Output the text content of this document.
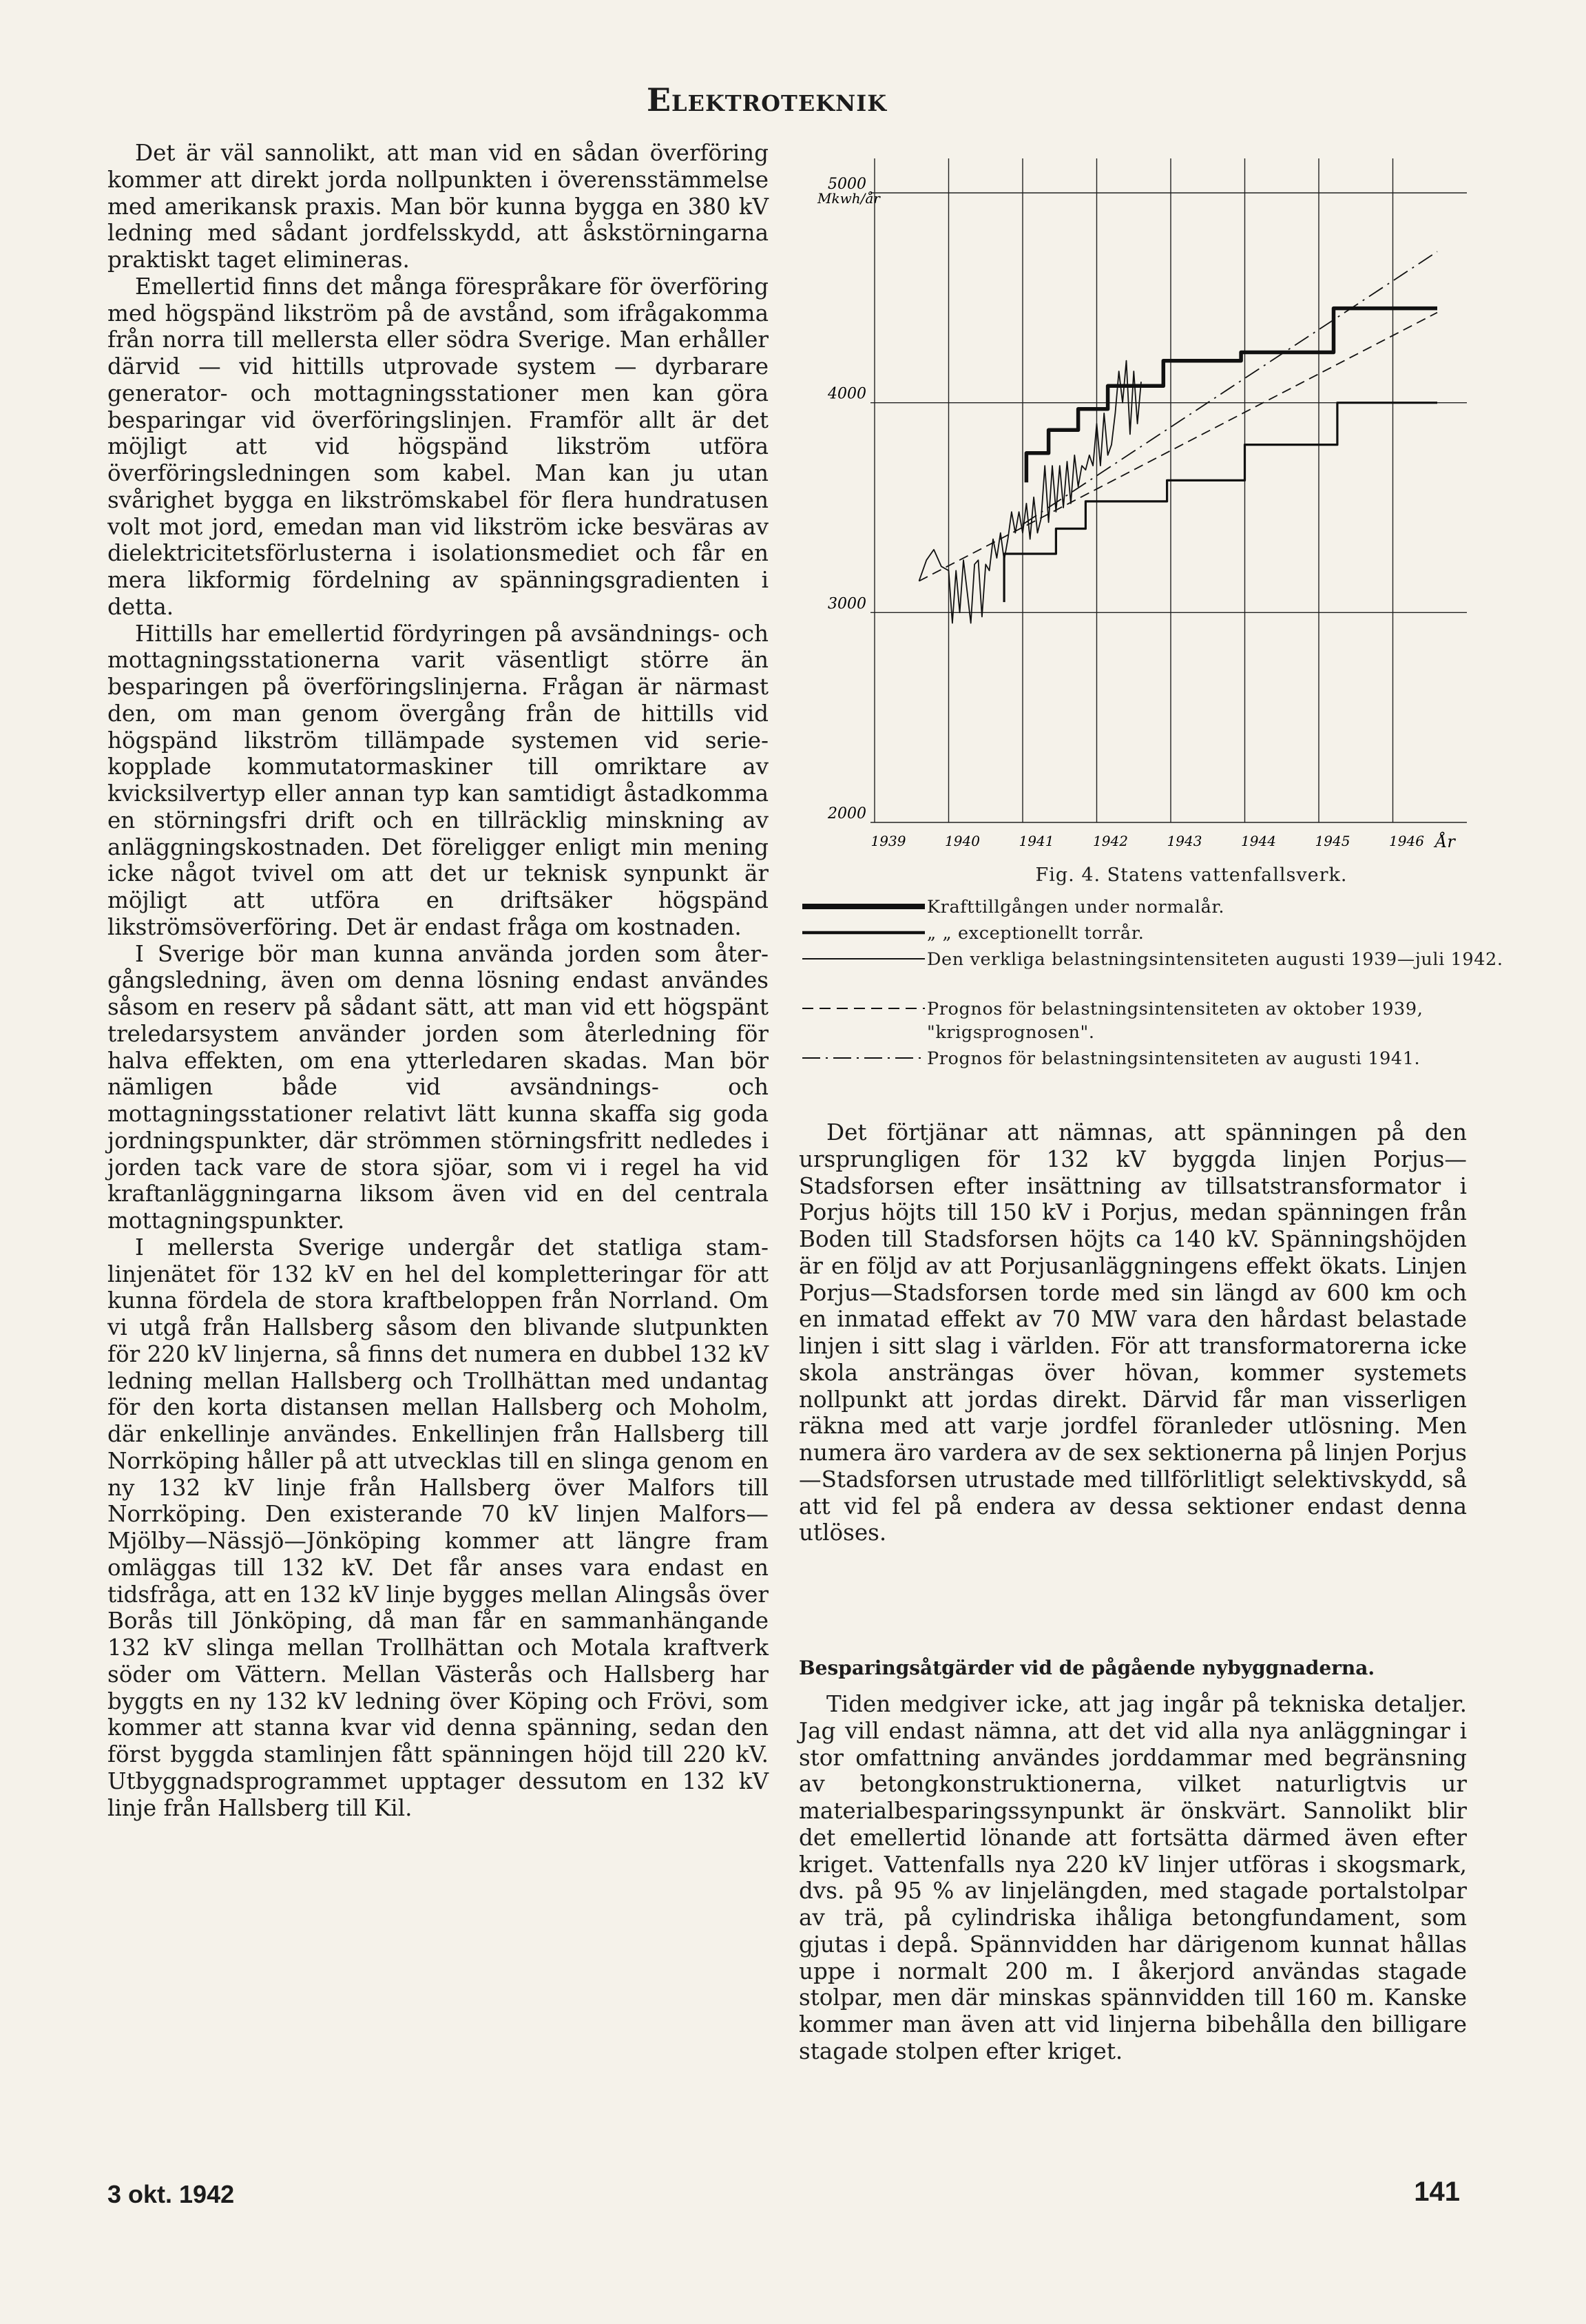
Elektroteknik

Det är väl sannolikt, att man vid en sådan överföring kommer att direkt jorda nollpunkten i överensstämmelse med amerikansk praxis. Man bör kunna bygga en 380 kV ledning med sådant jordfelsskydd, att åskstörningarna praktiskt taget elimineras.

Emellertid finns det många förespråkare för överföring med högspänd likström på de avstånd, som ifrågakomma från norra till mellersta eller södra Sverige. Man erhåller därvid — vid hittills utprovade system — dyrbarare generator- och mottagningsstationer men kan göra besparingar vid överföringslinjen. Framför allt är det möjligt att vid högspänd likström utföra överföringsledningen som kabel. Man kan ju utan svårighet bygga en likströmskabel för flera hundratusen volt mot jord, emedan man vid likström icke besväras av dielektricitetsförlusterna i isolationsmediet och får en mera likformig fördelning av spänningsgradienten i detta.

Hittills har emellertid fördyringen på avsändnings- och mottagningsstationerna varit väsentligt större än besparingen på överföringslinjerna. Frågan är närmast den, om man genom övergång från de hittills vid högspänd likström tillämpade systemen vid seriekopplade kommutatormaskiner till omriktare av kvicksilvertyp eller annan typ kan samtidigt åstadkomma en störningsfri drift och en tillräcklig minskning av anläggningskostnaden. Det föreligger enligt min mening icke något tvivel om att det ur teknisk synpunkt är möjligt att utföra en driftsäker högspänd likströmsöverföring. Det är endast fråga om kostnaden.

I Sverige bör man kunna använda jorden som återgångsledning, även om denna lösning endast användes såsom en reserv på sådant sätt, att man vid ett högspänt treledarsystem använder jorden som återledning för halva effekten, om ena ytterledaren skadas. Man bör nämligen både vid avsändnings- och mottagningsstationer relativt lätt kunna skaffa sig goda jordningspunkter, där strömmen störningsfritt nedledes i jorden tack vare de stora sjöar, som vi i regel ha vid kraftanläggningarna liksom även vid en del centrala mottagningspunkter.

I mellersta Sverige undergår det statliga stamlinjenätet för 132 kV en hel del kompletteringar för att kunna fördela de stora kraftbeloppen från Norrland. Om vi utgå från Hallsberg såsom den blivande slutpunkten för 220 kV linjerna, så finns det numera en dubbel 132 kV ledning mellan Hallsberg och Trollhättan med undantag för den korta distansen mellan Hallsberg och Moholm, där enkellinje användes. Enkellinjen från Hallsberg till Norrköping håller på att utvecklas till en slinga genom en ny 132 kV linje från Hallsberg över Malfors till Norrköping. Den existerande 70 kV linjen Malfors—Mjölby—Nässjö—Jönköping kommer att längre fram omläggas till 132 kV. Det får anses vara endast en tidsfråga, att en 132 kV linje bygges mellan Alingsås över Borås till Jönköping, då man får en sammanhängande 132 kV slinga mellan Trollhättan och Motala kraftverk söder om Vättern. Mellan Västerås och Hallsberg har byggts en ny 132 kV ledning över Köping och Frövi, som kommer att stanna kvar vid denna spänning, sedan den först byggda stamlinjen fått spänningen höjd till 220 kV. Utbyggnadsprogrammet upptager dessutom en 132 kV linje från Hallsberg till Kil.

2000
3000
4000
5000
1939	1940	1941	1942	1943	1944	1945	1946
Mkwh/år
År

Fig. 4. Statens vattenfallsverk.

Krafttillgången under normalår.
„ „ exceptionellt torrår.
Den verkliga belastningsintensiteten augusti 1939—juli 1942.
Prognos för belastningsintensiteten av oktober 1939, "krigsprognosen".
Prognos för belastningsintensiteten av augusti 1941.

Det förtjänar att nämnas, att spänningen på den ursprungligen för 132 kV byggda linjen Porjus—Stadsforsen efter insättning av tillsatstransformator i Porjus höjts till 150 kV i Porjus, medan spänningen från Boden till Stadsforsen höjts ca 140 kV. Spänningshöjden är en följd av att Porjusanläggningens effekt ökats. Linjen Porjus—Stadsforsen torde med sin längd av 600 km och en inmatad effekt av 70 MW vara den hårdast belastade linjen i sitt slag i världen. För att transformatorerna icke skola ansträngas över hövan, kommer systemets nollpunkt att jordas direkt. Därvid får man visserligen räkna med att varje jordfel föranleder utlösning. Men numera äro vardera av de sex sektionerna på linjen Porjus—Stadsforsen utrustade med tillförlitligt selektivskydd, så att vid fel på endera av dessa sektioner endast denna utlöses.

Besparingsåtgärder vid de pågående nybyggnaderna.

Tiden medgiver icke, att jag ingår på tekniska detaljer. Jag vill endast nämna, att det vid alla nya anläggningar i stor omfattning användes jorddammar med begränsning av betongkonstruktionerna, vilket naturligtvis ur materialbesparingssynpunkt är önskvärt. Sannolikt blir det emellertid lönande att fortsätta därmed även efter kriget. Vattenfalls nya 220 kV linjer utföras i skogsmark, dvs. på 95 % av linjelängden, med stagade portalstolpar av trä, på cylindriska ihåliga betongfundament, som gjutas i depå. Spännvidden har därigenom kunnat hållas uppe i normalt 200 m. I åkerjord användas stagade stolpar, men där minskas spännvidden till 160 m. Kanske kommer man även att vid linjerna bibehålla den billigare stagade stolpen efter kriget.

3 okt. 1942	141
